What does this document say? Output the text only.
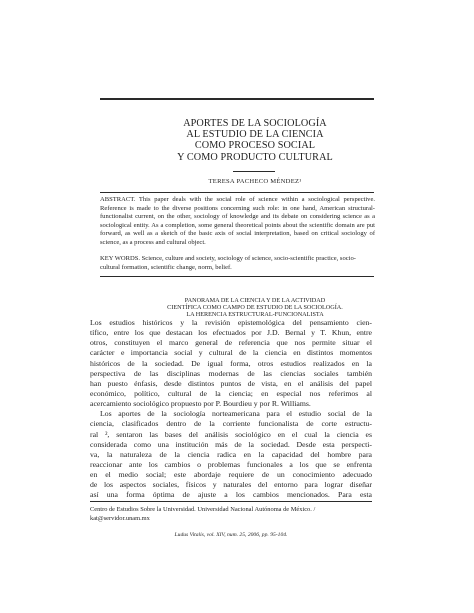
APORTES DE LA SOCIOLOGÍA
AL ESTUDIO DE LA CIENCIA
COMO PROCESO SOCIAL
Y COMO PRODUCTO CULTURAL
TERESA PACHECO MÉNDEZ¹
ABSTRACT. This paper deals with the social role of science within a sociological perspective. Reference is made to the diverse positions concerning such role: in one hand, American structural-functionalist current, on the other, sociology of knowledge and its debate on considering science as a sociological entity. As a completion, some general theoretical points about the scientific domain are put forward, as well as a sketch of the basic axis of social interpretation, based on critical sociology of science, as a process and cultural object.
KEY WORDS. Science, culture and society, sociology of science, socio-scientific practice, socio-cultural formation, scientific change, norm, belief.
PANORAMA DE LA CIENCIA Y DE LA ACTIVIDAD
CIENTÍFICA COMO CAMPO DE ESTUDIO DE LA SOCIOLOGÍA.
LA HERENCIA ESTRUCTURAL-FUNCIONALISTA
Los estudios históricos y la revisión epistemológica del pensamiento cien-
tífico, entre los que destacan los efectuados por J.D. Bernal y T. Khun, entre
otros, constituyen el marco general de referencia que nos permite situar el
carácter e importancia social y cultural de la ciencia en distintos momentos
históricos de la sociedad. De igual forma, otros estudios realizados en la
perspectiva de las disciplinas modernas de las ciencias sociales también
han puesto énfasis, desde distintos puntos de vista, en el análisis del papel
económico, político, cultural de la ciencia; en especial nos referimos al
acercamiento sociológico propuesto por P. Bourdieu y por R. Williams.
Los aportes de la sociología norteamericana para el estudio social de la
ciencia, clasificados dentro de la corriente funcionalista de corte estructu-
ral ², sentaron las bases del análisis sociológico en el cual la ciencia es
considerada como una institución más de la sociedad. Desde esta perspecti-
va, la naturaleza de la ciencia radica en la capacidad del hombre para
reaccionar ante los cambios o problemas funcionales a los que se enfrenta
en el medio social; este abordaje requiere de un conocimiento adecuado
de los aspectos sociales, físicos y naturales del entorno para lograr diseñar
así una forma óptima de ajuste a los cambios mencionados. Para esta
Centro de Estudios Sobre la Universidad. Universidad Nacional Autónoma de México. / kat@servidor.unam.mx
Ludus Vitalis, vol. XIV, num. 25, 2006, pp. 95-104.
